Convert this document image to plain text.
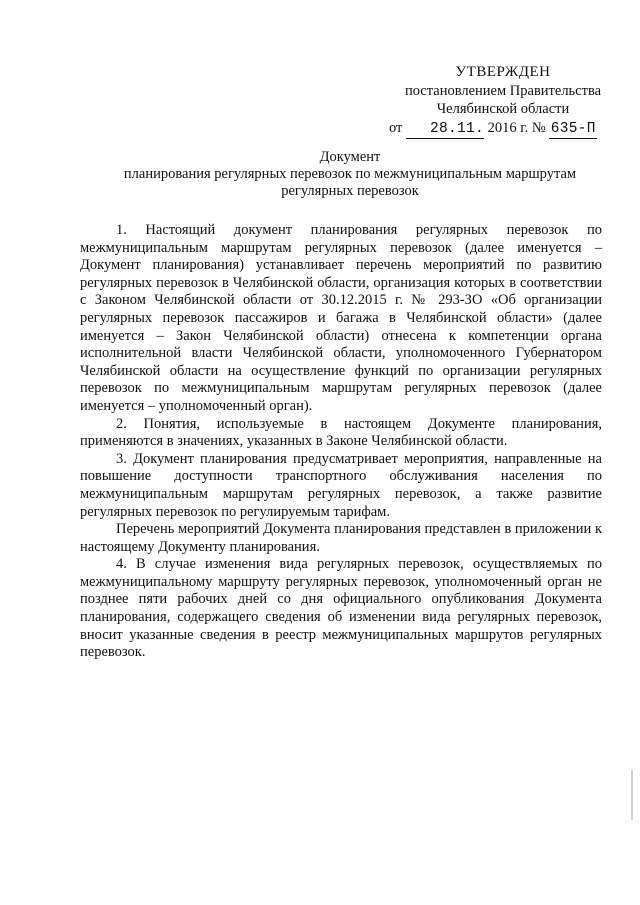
УТВЕРЖДЕН
постановлением Правительства
Челябинской области
от 28.11. 2016 г. № 635-П
Документ
планирования регулярных перевозок по межмуниципальным маршрутам
регулярных перевозок

1. Настоящий документ планирования регулярных перевозок по межмуниципальным маршрутам регулярных перевозок (далее именуется – Документ планирования) устанавливает перечень мероприятий по развитию регулярных перевозок в Челябинской области, организация которых в соответствии с Законом Челябинской области от 30.12.2015 г. № 293-ЗО «Об организации регулярных перевозок пассажиров и багажа в Челябинской области» (далее именуется – Закон Челябинской области) отнесена к компетенции органа исполнительной власти Челябинской области, уполномоченного Губернатором Челябинской области на осуществление функций по организации регулярных перевозок по межмуниципальным маршрутам регулярных перевозок (далее именуется – уполномоченный орган).

2. Понятия, используемые в настоящем Документе планирования, применяются в значениях, указанных в Законе Челябинской области.

3. Документ планирования предусматривает мероприятия, направленные на повышение доступности транспортного обслуживания населения по межмуниципальным маршрутам регулярных перевозок, а также развитие регулярных перевозок по регулируемым тарифам.

Перечень мероприятий Документа планирования представлен в приложении к настоящему Документу планирования.

4. В случае изменения вида регулярных перевозок, осуществляемых по межмуниципальному маршруту регулярных перевозок, уполномоченный орган не позднее пяти рабочих дней со дня официального опубликования Документа планирования, содержащего сведения об изменении вида регулярных перевозок, вносит указанные сведения в реестр межмуниципальных маршрутов регулярных перевозок.
